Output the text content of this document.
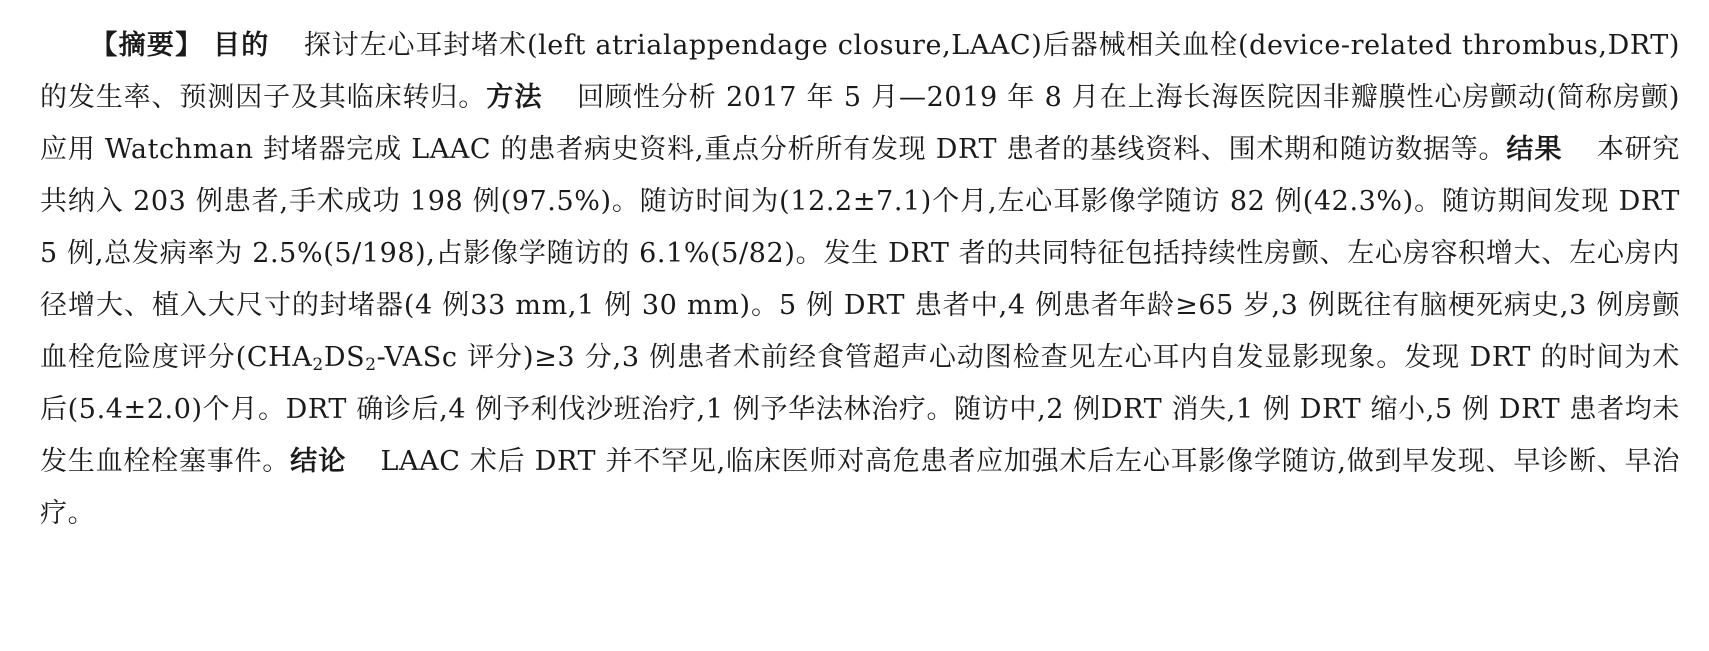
【摘要】 目的 探讨左心耳封堵术(left atrialappendage closure,LAAC)后器械相关血栓(device-related thrombus,DRT)的发生率、预测因子及其临床转归。方法 回顾性分析 2017 年 5 月—2019 年 8 月在上海长海医院因非瓣膜性心房颤动(简称房颤)应用 Watchman 封堵器完成 LAAC 的患者病史资料,重点分析所有发现 DRT 患者的基线资料、围术期和随访数据等。结果 本研究共纳入 203 例患者,手术成功 198 例(97.5%)。随访时间为(12.2±7.1)个月,左心耳影像学随访 82 例(42.3%)。随访期间发现 DRT 5 例,总发病率为 2.5%(5/198),占影像学随访的 6.1%(5/82)。发生 DRT 者的共同特征包括持续性房颤、左心房容积增大、左心房内径增大、植入大尺寸的封堵器(4 例33 mm,1 例 30 mm)。5 例 DRT 患者中,4 例患者年龄≥65 岁,3 例既往有脑梗死病史,3 例房颤血栓危险度评分($CHA_2DS_2$-VASc 评分)≥3 分,3 例患者术前经食管超声心动图检查见左心耳内自发显影现象。发现 DRT 的时间为术后(5.4±2.0)个月。DRT 确诊后,4 例予利伐沙班治疗,1 例予华法林治疗。随访中,2 例DRT 消失,1 例 DRT 缩小,5 例 DRT 患者均未发生血栓栓塞事件。结论 LAAC 术后 DRT 并不罕见,临床医师对高危患者应加强术后左心耳影像学随访,做到早发现、早诊断、早治疗。
